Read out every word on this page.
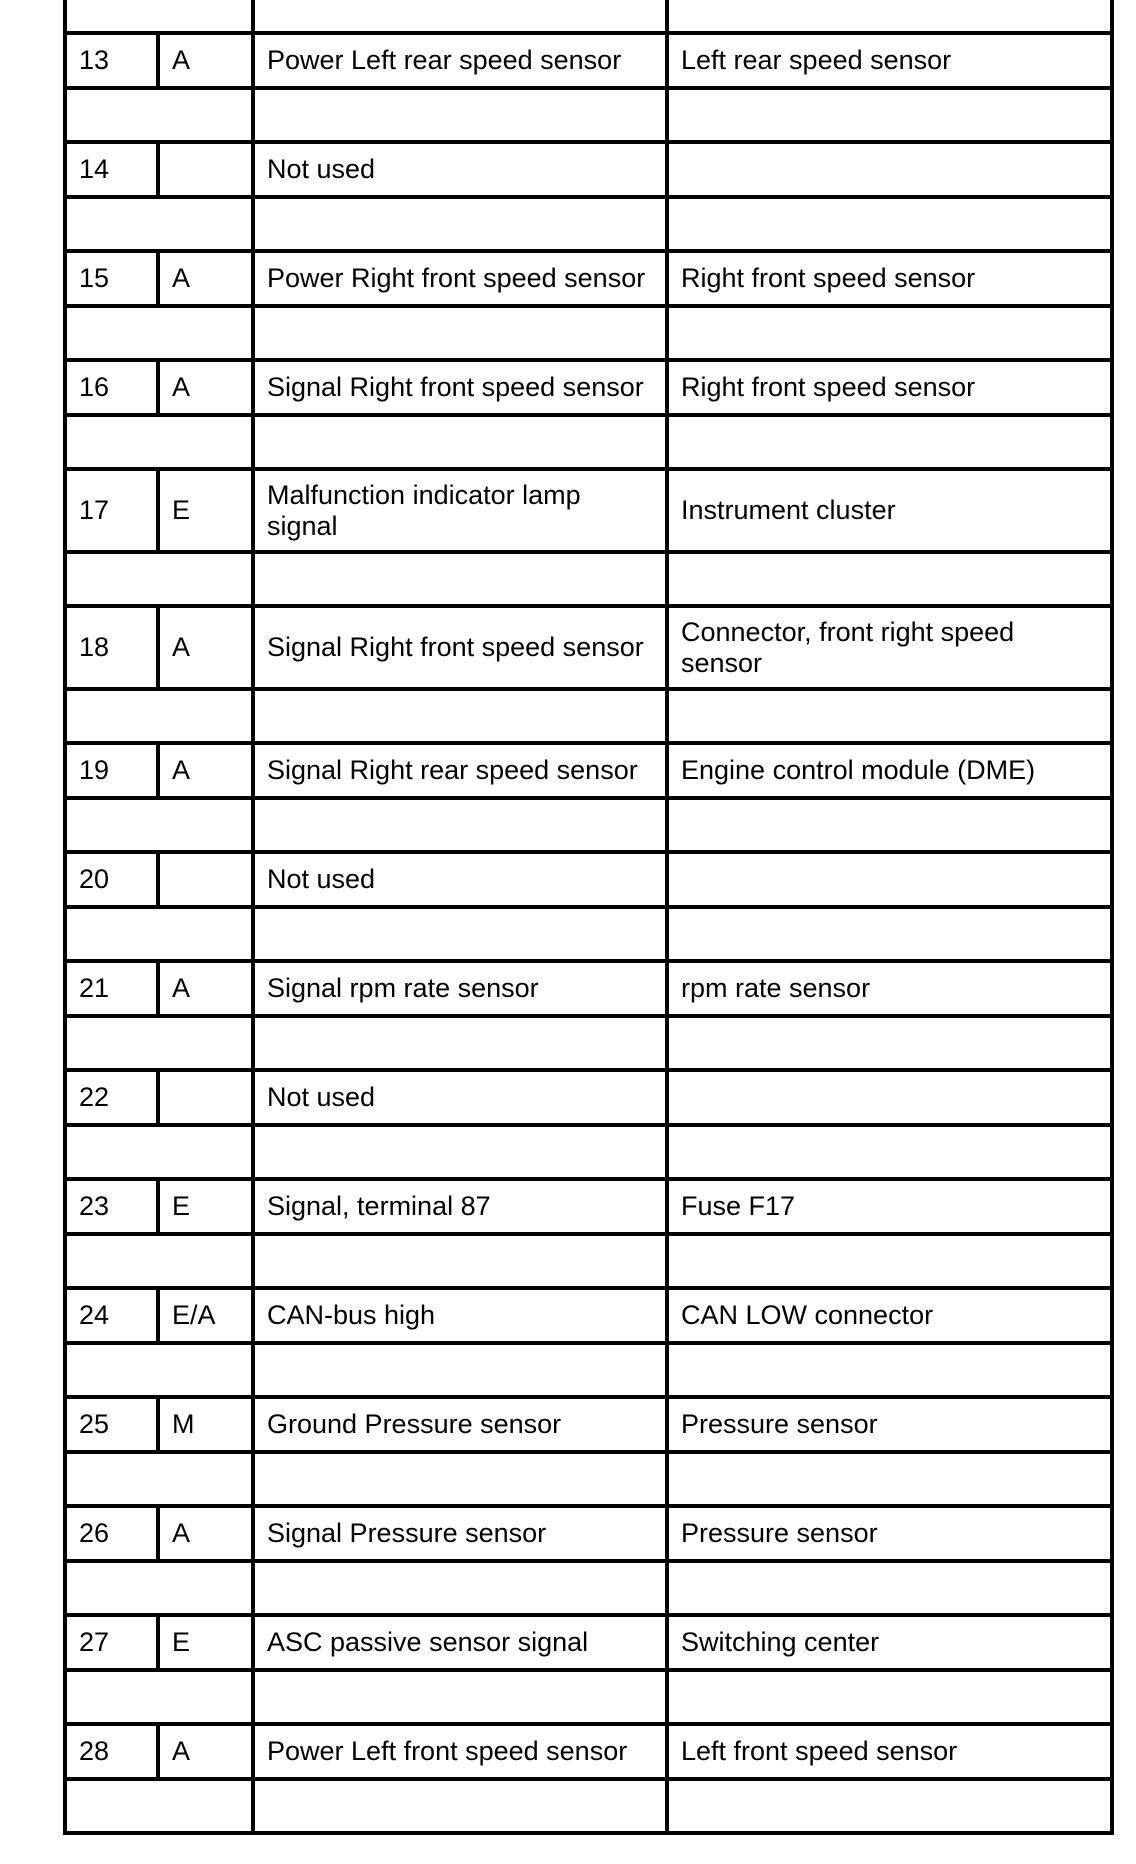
13	A	Power Left rear speed sensor	Left rear speed sensor

14		Not used	

15	A	Power Right front speed sensor	Right front speed sensor

16	A	Signal Right front speed sensor	Right front speed sensor

17	E	Malfunction indicator lamp signal	Instrument cluster

18	A	Signal Right front speed sensor	Connector, front right speed sensor

19	A	Signal Right rear speed sensor	Engine control module (DME)

20		Not used	

21	A	Signal rpm rate sensor	rpm rate sensor

22		Not used	

23	E	Signal, terminal 87	Fuse F17

24	E/A	CAN-bus high	CAN LOW connector

25	M	Ground Pressure sensor	Pressure sensor

26	A	Signal Pressure sensor	Pressure sensor

27	E	ASC passive sensor signal	Switching center

28	A	Power Left front speed sensor	Left front speed sensor
